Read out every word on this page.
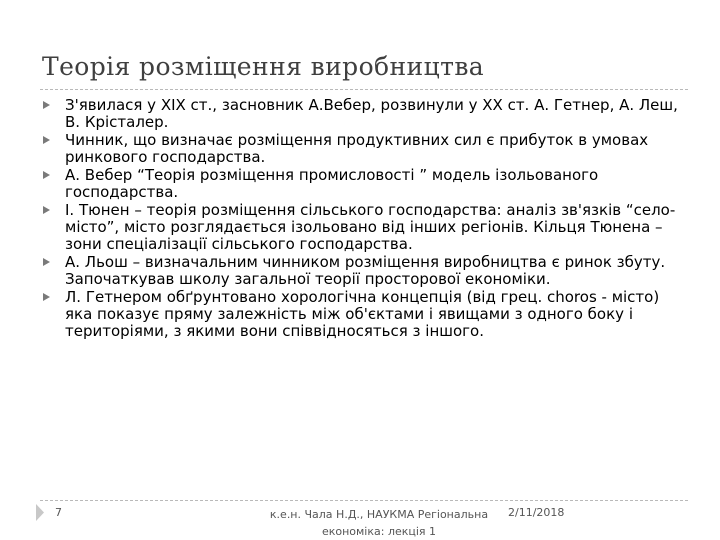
Теорія розміщення виробництва
З'явилася у XIX ст., засновник А.Вебер, розвинули у XX ст. А. Гетнер, А. Леш, В. Крісталер.
Чинник, що визначає розміщення продуктивних сил є прибуток в умовах ринкового господарства.
А. Вебер “Теорія розміщення промисловості ” модель ізольованого господарства.
І. Тюнен – теорія розміщення сільського господарства: аналіз зв'язків “село-місто”, місто розглядається ізольовано від інших регіонів. Кільця Тюнена – зони спеціалізації сільського господарства.
А. Льош – визначальним чинником розміщення виробництва є ринок збуту. Започаткував школу загальної теорії просторової економіки.
Л. Гетнером обґрунтовано хорологічна концепція (від грец. choros - місто) яка показує пряму залежність між об'єктами і явищами з одного боку і територіями, з якими вони співвідносяться з іншого.
7	к.е.н. Чала Н.Д., НАУКМА Регіональна
економіка: лекція 1
2/11/2018
